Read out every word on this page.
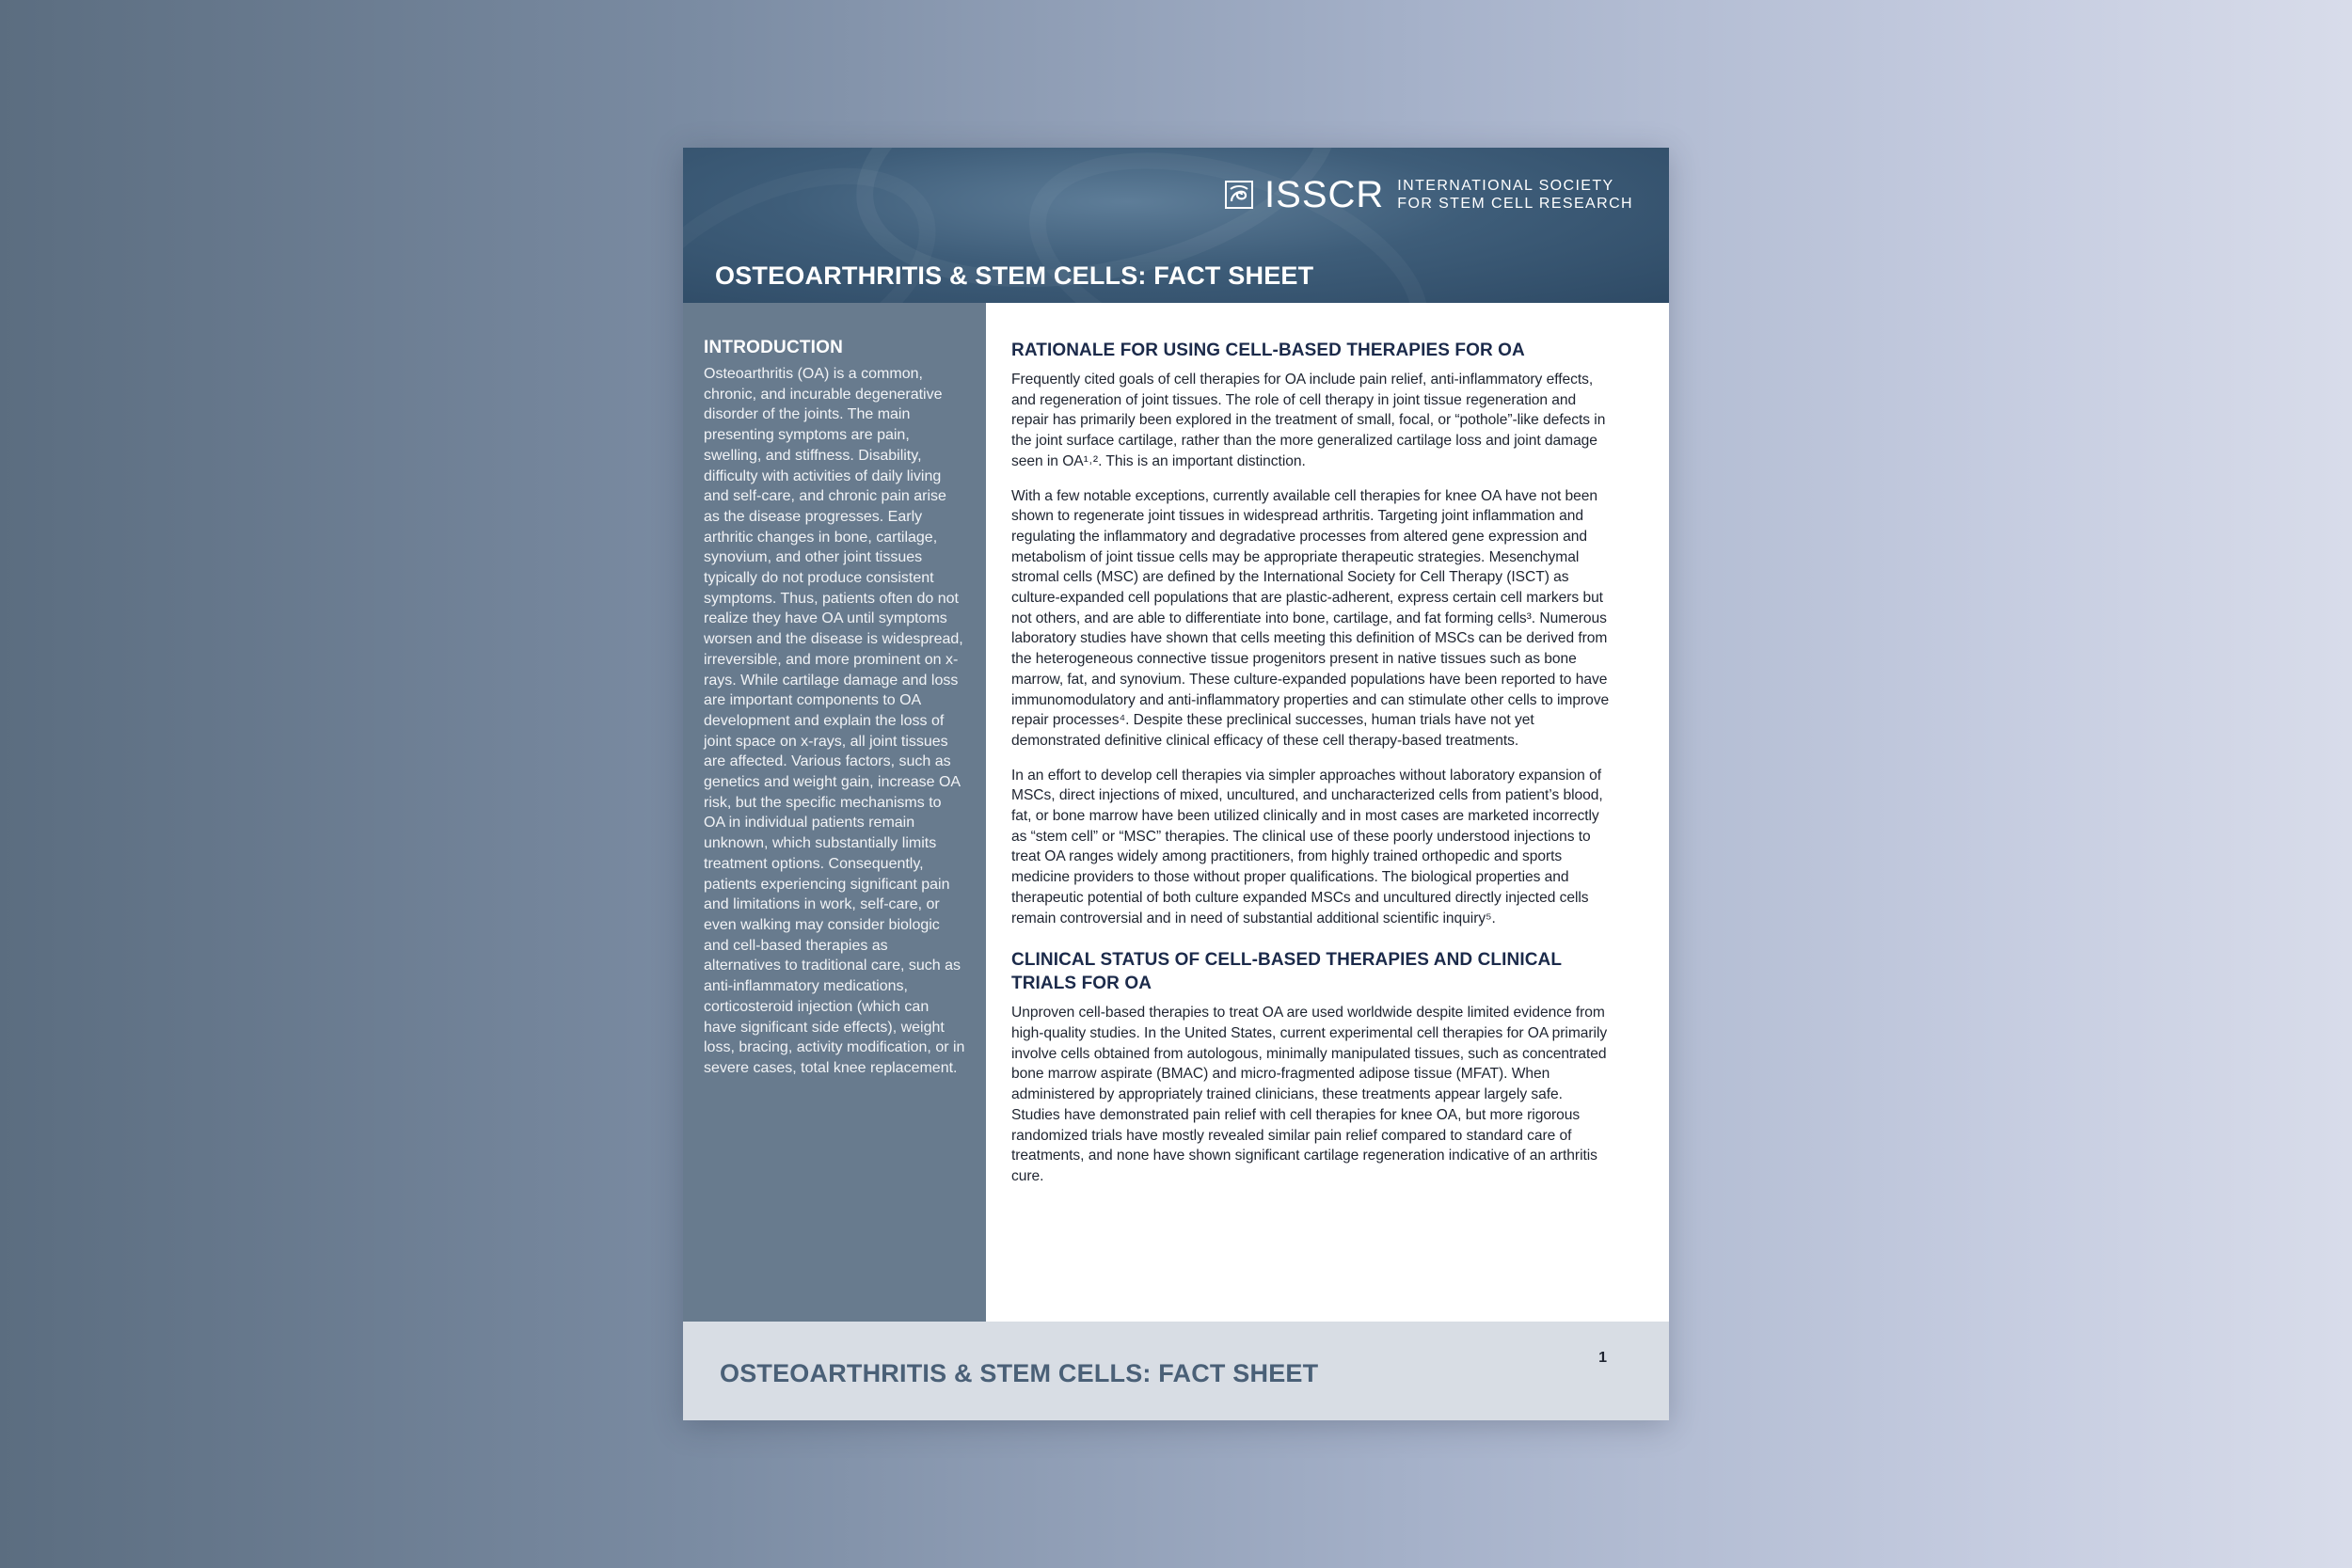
ISSCR INTERNATIONAL SOCIETY
FOR STEM CELL RESEARCH
OSTEOARTHRITIS & STEM CELLS: FACT SHEET
INTRODUCTION

Osteoarthritis (OA) is a common, chronic, and incurable degenerative disorder of the joints. The main presenting symptoms are pain, swelling, and stiffness. Disability, difficulty with activities of daily living and self-care, and chronic pain arise as the disease progresses. Early arthritic changes in bone, cartilage, synovium, and other joint tissues typically do not produce consistent symptoms. Thus, patients often do not realize they have OA until symptoms worsen and the disease is widespread, irreversible, and more prominent on x-rays. While cartilage damage and loss are important components to OA development and explain the loss of joint space on x-rays, all joint tissues are affected. Various factors, such as genetics and weight gain, increase OA risk, but the specific mechanisms to OA in individual patients remain unknown, which substantially limits treatment options. Consequently, patients experiencing significant pain and limitations in work, self-care, or even walking may consider biologic and cell-based therapies as alternatives to traditional care, such as anti-inflammatory medications, corticosteroid injection (which can have significant side effects), weight loss, bracing, activity modification, or in severe cases, total knee replacement.

RATIONALE FOR USING CELL-BASED THERAPIES FOR OA

Frequently cited goals of cell therapies for OA include pain relief, anti-inflammatory effects, and regeneration of joint tissues. The role of cell therapy in joint tissue regeneration and repair has primarily been explored in the treatment of small, focal, or “pothole”-like defects in the joint surface cartilage, rather than the more generalized cartilage loss and joint damage seen in OA¹˒². This is an important distinction.

With a few notable exceptions, currently available cell therapies for knee OA have not been shown to regenerate joint tissues in widespread arthritis. Targeting joint inflammation and regulating the inflammatory and degradative processes from altered gene expression and metabolism of joint tissue cells may be appropriate therapeutic strategies. Mesenchymal stromal cells (MSC) are defined by the International Society for Cell Therapy (ISCT) as culture-expanded cell populations that are plastic-adherent, express certain cell markers but not others, and are able to differentiate into bone, cartilage, and fat forming cells³. Numerous laboratory studies have shown that cells meeting this definition of MSCs can be derived from the heterogeneous connective tissue progenitors present in native tissues such as bone marrow, fat, and synovium. These culture-expanded populations have been reported to have immunomodulatory and anti-inflammatory properties and can stimulate other cells to improve repair processes⁴. Despite these preclinical successes, human trials have not yet demonstrated definitive clinical efficacy of these cell therapy-based treatments.

In an effort to develop cell therapies via simpler approaches without laboratory expansion of MSCs, direct injections of mixed, uncultured, and uncharacterized cells from patient’s blood, fat, or bone marrow have been utilized clinically and in most cases are marketed incorrectly as “stem cell” or “MSC” therapies. The clinical use of these poorly understood injections to treat OA ranges widely among practitioners, from highly trained orthopedic and sports medicine providers to those without proper qualifications. The biological properties and therapeutic potential of both culture expanded MSCs and uncultured directly injected cells remain controversial and in need of substantial additional scientific inquiry⁵.

CLINICAL STATUS OF CELL-BASED THERAPIES AND CLINICAL TRIALS FOR OA

Unproven cell-based therapies to treat OA are used worldwide despite limited evidence from high-quality studies. In the United States, current experimental cell therapies for OA primarily involve cells obtained from autologous, minimally manipulated tissues, such as concentrated bone marrow aspirate (BMAC) and micro-fragmented adipose tissue (MFAT). When administered by appropriately trained clinicians, these treatments appear largely safe. Studies have demonstrated pain relief with cell therapies for knee OA, but more rigorous randomized trials have mostly revealed similar pain relief compared to standard care of treatments, and none have shown significant cartilage regeneration indicative of an arthritis cure.

OSTEOARTHRITIS & STEM CELLS: FACT SHEET
1
